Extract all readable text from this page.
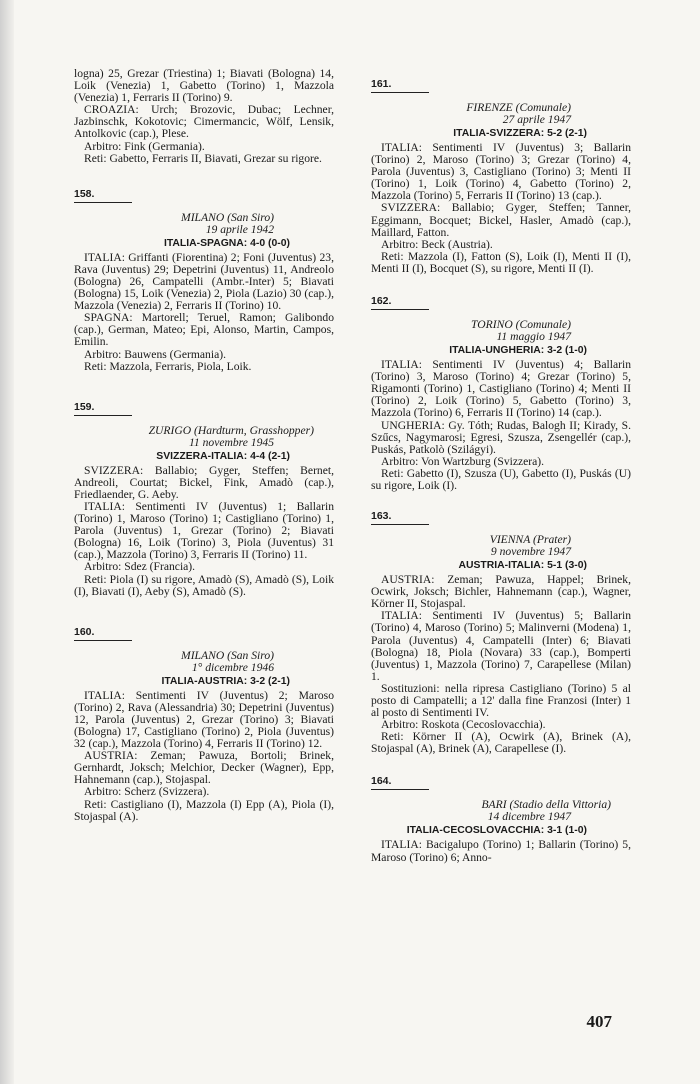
logna) 25, Grezar (Triestina) 1; Biavati (Bologna) 14, Loik (Venezia) 1, Gabetto (Torino) 1, Mazzola (Venezia) 1, Ferraris II (Torino) 9.

CROAZIA: Urch; Brozovic, Dubac; Lechner, Jazbinschk, Kokotovic; Cimermancic, Wölf, Lensik, Antolkovic (cap.), Plese.

Arbitro: Fink (Germania).

Reti: Gabetto, Ferraris II, Biavati, Grezar su rigore.

158.

MILANO (San Siro)

19 aprile 1942

ITALIA-SPAGNA: 4-0 (0-0)

ITALIA: Griffanti (Fiorentina) 2; Foni (Juventus) 23, Rava (Juventus) 29; Depetrini (Juventus) 11, Andreolo (Bologna) 26, Campatelli (Ambr.-Inter) 5; Biavati (Bologna) 15, Loik (Venezia) 2, Piola (Lazio) 30 (cap.), Mazzola (Venezia) 2, Ferraris II (Torino) 10.

SPAGNA: Martorell; Teruel, Ramon; Galibondo (cap.), German, Mateo; Epi, Alonso, Martin, Campos, Emilin.

Arbitro: Bauwens (Germania).

Reti: Mazzola, Ferraris, Piola, Loik.

159.

ZURIGO (Hardturm, Grasshopper)

11 novembre 1945

SVIZZERA-ITALIA: 4-4 (2-1)

SVIZZERA: Ballabio; Gyger, Steffen; Bernet, Andreoli, Courtat; Bickel, Fink, Amadò (cap.), Friedlaender, G. Aeby.

ITALIA: Sentimenti IV (Juventus) 1; Ballarin (Torino) 1, Maroso (Torino) 1; Castigliano (Torino) 1, Parola (Juventus) 1, Grezar (Torino) 2; Biavati (Bologna) 16, Loik (Torino) 3, Piola (Juventus) 31 (cap.), Mazzola (Torino) 3, Ferraris II (Torino) 11.

Arbitro: Sdez (Francia).

Reti: Piola (I) su rigore, Amadò (S), Amadò (S), Loik (I), Biavati (I), Aeby (S), Amadò (S).

160.

MILANO (San Siro)

1° dicembre 1946

ITALIA-AUSTRIA: 3-2 (2-1)

ITALIA: Sentimenti IV (Juventus) 2; Maroso (Torino) 2, Rava (Alessandria) 30; Depetrini (Juventus) 12, Parola (Juventus) 2, Grezar (Torino) 3; Biavati (Bologna) 17, Castigliano (Torino) 2, Piola (Juventus) 32 (cap.), Mazzola (Torino) 4, Ferraris II (Torino) 12.

AUSTRIA: Zeman; Pawuza, Bortoli; Brinek, Gernhardt, Joksch; Melchior, Decker (Wagner), Epp, Hahnemann (cap.), Stojaspal.

Arbitro: Scherz (Svizzera).

Reti: Castigliano (I), Mazzola (I) Epp (A), Piola (I), Stojaspal (A).

161.

FIRENZE (Comunale)

27 aprile 1947

ITALIA-SVIZZERA: 5-2 (2-1)

ITALIA: Sentimenti IV (Juventus) 3; Ballarin (Torino) 2, Maroso (Torino) 3; Grezar (Torino) 4, Parola (Juventus) 3, Castigliano (Torino) 3; Menti II (Torino) 1, Loik (Torino) 4, Gabetto (Torino) 2, Mazzola (Torino) 5, Ferraris II (Torino) 13 (cap.).

SVIZZERA: Ballabio; Gyger, Steffen; Tanner, Eggimann, Bocquet; Bickel, Hasler, Amadò (cap.), Maillard, Fatton.

Arbitro: Beck (Austria).

Reti: Mazzola (I), Fatton (S), Loik (I), Menti II (I), Menti II (I), Bocquet (S), su rigore, Menti II (I).

162.

TORINO (Comunale)

11 maggio 1947

ITALIA-UNGHERIA: 3-2 (1-0)

ITALIA: Sentimenti IV (Juventus) 4; Ballarin (Torino) 3, Maroso (Torino) 4; Grezar (Torino) 5, Rigamonti (Torino) 1, Castigliano (Torino) 4; Menti II (Torino) 2, Loik (Torino) 5, Gabetto (Torino) 3, Mazzola (Torino) 6, Ferraris II (Torino) 14 (cap.).

UNGHERIA: Gy. Tóth; Rudas, Balogh II; Kirady, S. Szűcs, Nagymarosi; Egresi, Szusza, Zsengellér (cap.), Puskás, Patkolò (Szilágyi).

Arbitro: Von Wartzburg (Svizzera).

Reti: Gabetto (I), Szusza (U), Gabetto (I), Puskás (U) su rigore, Loik (I).

163.

VIENNA (Prater)

9 novembre 1947

AUSTRIA-ITALIA: 5-1 (3-0)

AUSTRIA: Zeman; Pawuza, Happel; Brinek, Ocwirk, Joksch; Bichler, Hahnemann (cap.), Wagner, Körner II, Stojaspal.

ITALIA: Sentimenti IV (Juventus) 5; Ballarin (Torino) 4, Maroso (Torino) 5; Malinverni (Modena) 1, Parola (Juventus) 4, Campatelli (Inter) 6; Biavati (Bologna) 18, Piola (Novara) 33 (cap.), Bomperti (Juventus) 1, Mazzola (Torino) 7, Carapellese (Milan) 1.

Sostituzioni: nella ripresa Castigliano (Torino) 5 al posto di Campatelli; a 12' dalla fine Franzosi (Inter) 1 al posto di Sentimenti IV.

Arbitro: Roskota (Cecoslovacchia).

Reti: Körner II (A), Ocwirk (A), Brinek (A), Stojaspal (A), Brinek (A), Carapellese (I).

164.

BARI (Stadio della Vittoria)

14 dicembre 1947

ITALIA-CECOSLOVACCHIA: 3-1 (1-0)

ITALIA: Bacigalupo (Torino) 1; Ballarin (Torino) 5, Maroso (Torino) 6; Anno-

407
